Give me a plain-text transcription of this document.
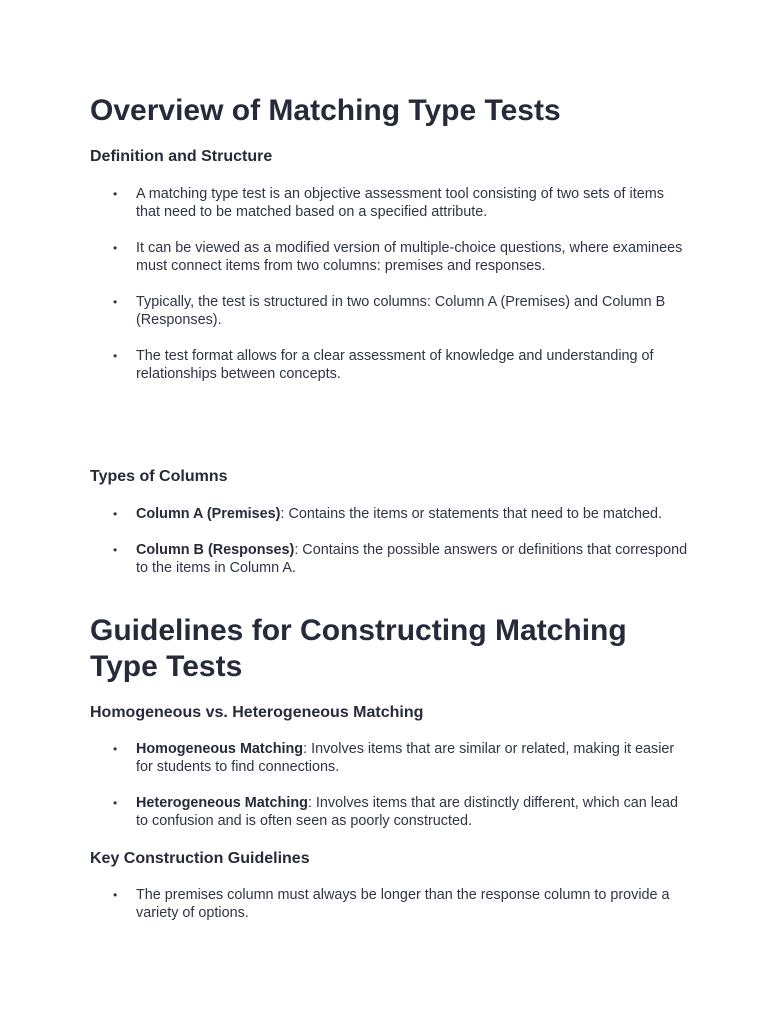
Overview of Matching Type Tests
Definition and Structure
• A matching type test is an objective assessment tool consisting of two sets of items that need to be matched based on a specified attribute.
• It can be viewed as a modified version of multiple-choice questions, where examinees must connect items from two columns: premises and responses.
• Typically, the test is structured in two columns: Column A (Premises) and Column B (Responses).
• The test format allows for a clear assessment of knowledge and understanding of relationships between concepts.
Types of Columns
• Column A (Premises): Contains the items or statements that need to be matched.
• Column B (Responses): Contains the possible answers or definitions that correspond to the items in Column A.
Guidelines for Constructing Matching Type Tests
Homogeneous vs. Heterogeneous Matching
• Homogeneous Matching: Involves items that are similar or related, making it easier for students to find connections.
• Heterogeneous Matching: Involves items that are distinctly different, which can lead to confusion and is often seen as poorly constructed.
Key Construction Guidelines
• The premises column must always be longer than the response column to provide a variety of options.
